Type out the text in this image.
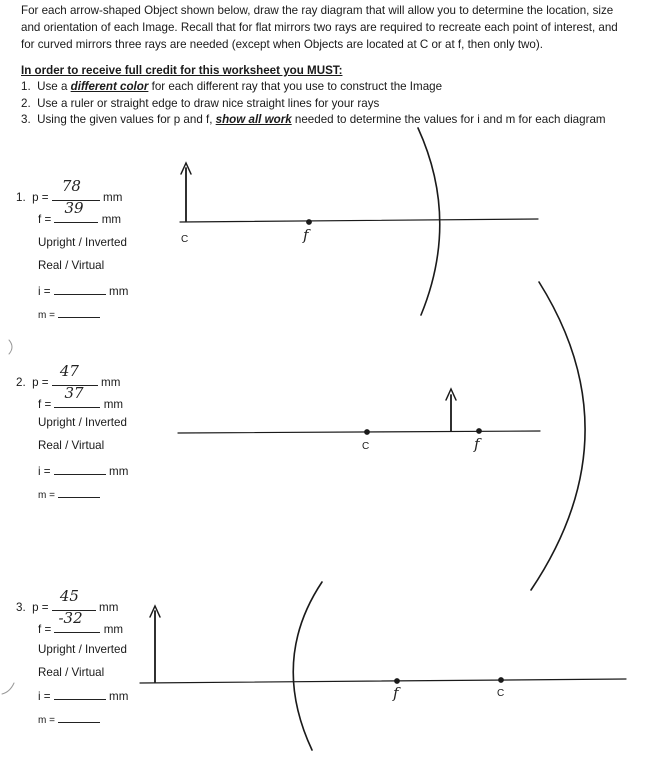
For each arrow-shaped Object shown below, draw the ray diagram that will allow you to determine the location, size
and orientation of each Image. Recall that for flat mirrors two rays are required to recreate each point of interest, and
for curved mirrors three rays are needed (except when Objects are located at C or at f, then only two).
In order to receive full credit for this worksheet you MUST:
1. Use a different color for each different ray that you use to construct the Image
2. Use a ruler or straight edge to draw nice straight lines for your rays
3. Using the given values for p and f, show all work needed to determine the values for i and m for each diagram
C	f
C	f
f	C
1. p =
78
mm
f =
39
mm
Upright / Inverted
Real / Virtual
i =	mm
m =
2. p =
47
mm
f =
37
mm
Upright / Inverted
Real / Virtual
i =	mm
m =
3. p =
45
mm
f =
-32
mm
Upright / Inverted
Real / Virtual
i =	mm
m =
